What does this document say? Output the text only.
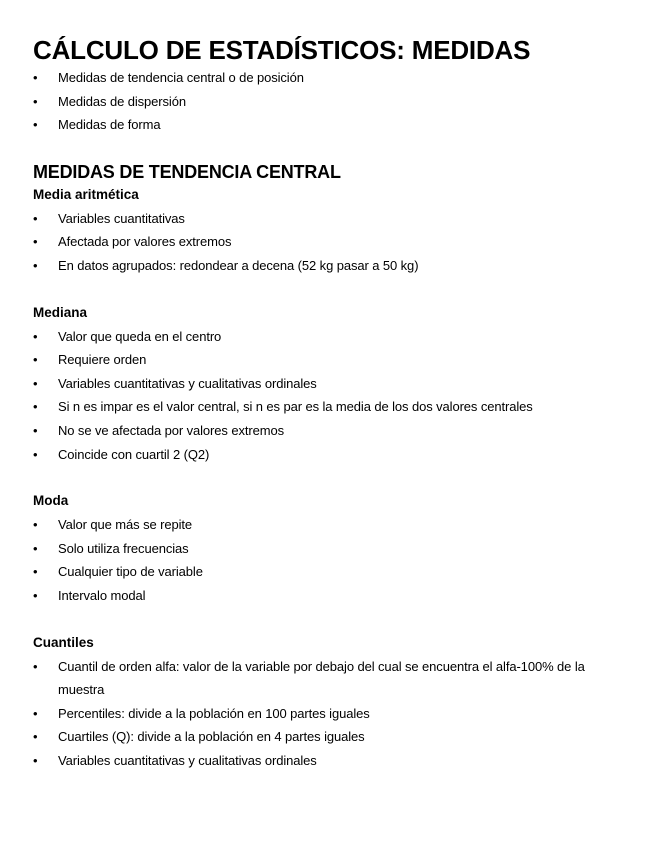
CÁLCULO DE ESTADÍSTICOS: MEDIDAS
•	Medidas de tendencia central o de posición
•	Medidas de dispersión
•	Medidas de forma
MEDIDAS DE TENDENCIA CENTRAL
Media aritmética
•	Variables cuantitativas
•	Afectada por valores extremos
•	En datos agrupados: redondear a decena (52 kg pasar a 50 kg)
Mediana
•	Valor que queda en el centro
•	Requiere orden
•	Variables cuantitativas y cualitativas ordinales
•	Si n es impar es el valor central, si n es par es la media de los dos valores centrales
•	No se ve afectada por valores extremos
•	Coincide con cuartil 2 (Q2)
Moda
•	Valor que más se repite
•	Solo utiliza frecuencias
•	Cualquier tipo de variable
•	Intervalo modal
Cuantiles
•	Cuantil de orden alfa: valor de la variable por debajo del cual se encuentra el alfa-100% de la muestra
•	Percentiles: divide a la población en 100 partes iguales
•	Cuartiles (Q): divide a la población en 4 partes iguales
•	Variables cuantitativas y cualitativas ordinales
